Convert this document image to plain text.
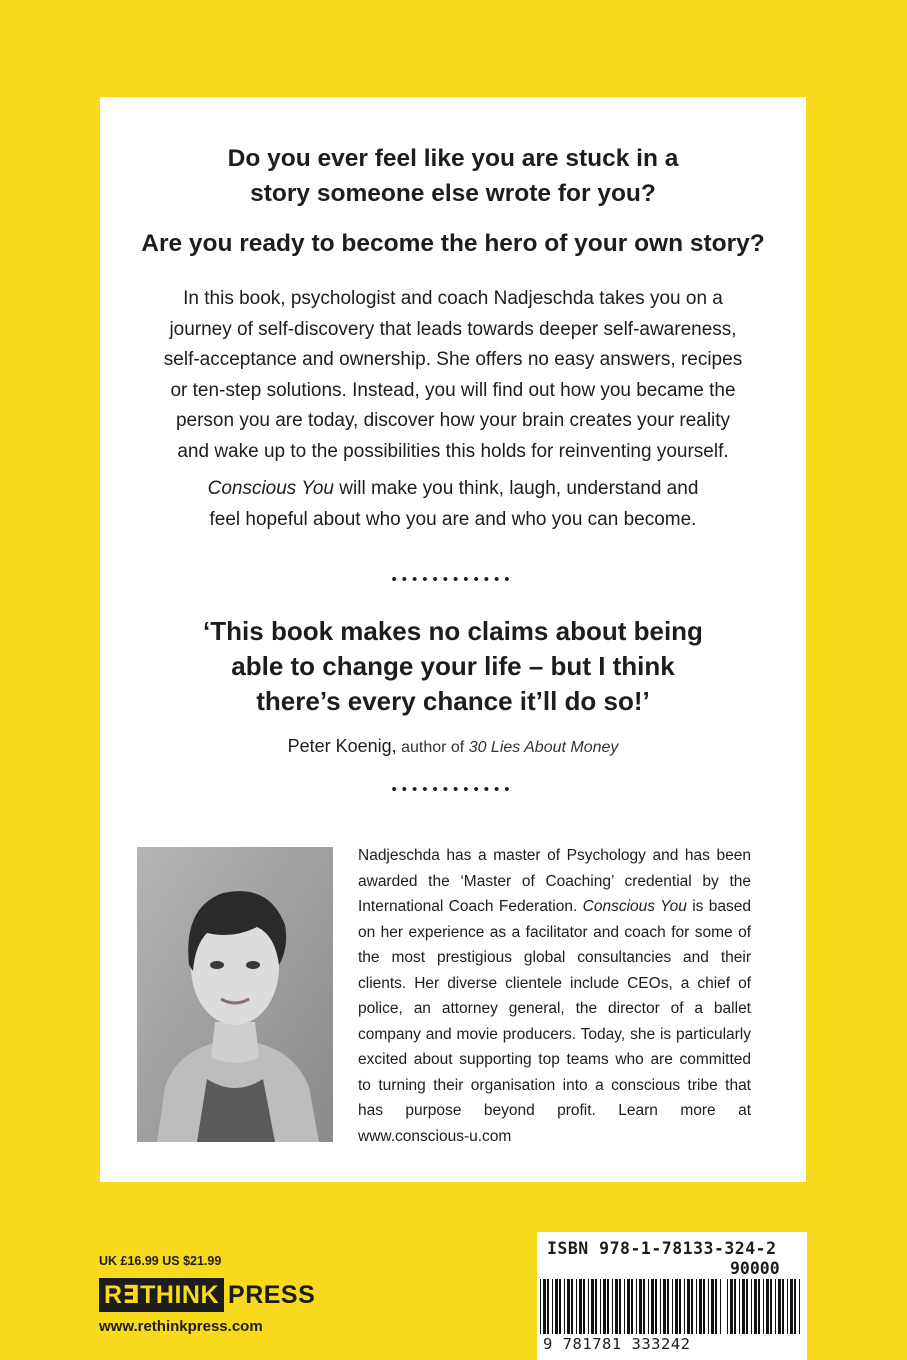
Do you ever feel like you are stuck in a
story someone else wrote for you?

Are you ready to become the hero of your own story?

In this book, psychologist and coach Nadjeschda takes you on a
journey of self-discovery that leads towards deeper self-awareness,
self-acceptance and ownership. She offers no easy answers, recipes
or ten-step solutions. Instead, you will find out how you became the
person you are today, discover how your brain creates your reality
and wake up to the possibilities this holds for reinventing yourself.

Conscious You will make you think, laugh, understand and
feel hopeful about who you are and who you can become.

••••••••••••

‘This book makes no claims about being
able to change your life – but I think
there’s every chance it’ll do so!’

Peter Koenig, author of 30 Lies About Money

••••••••••••

Nadjeschda has a master of Psychology and has been awarded the ‘Master of Coaching’ credential by the International Coach Federation. Conscious You is based on her experience as a facilitator and coach for some of the most prestigious global consultancies and their clients. Her diverse clientele include CEOs, a chief of police, an attorney general, the director of a ballet company and movie producers. Today, she is particularly excited about supporting top teams who are committed to turning their organisation into a conscious tribe that has purpose beyond profit. Learn more at www.conscious-u.com

UK £16.99 US $21.99
R∃THINK PRESS
www.rethinkpress.com
ISBN 978-1-78133-324-2
90000
9 781781 333242
